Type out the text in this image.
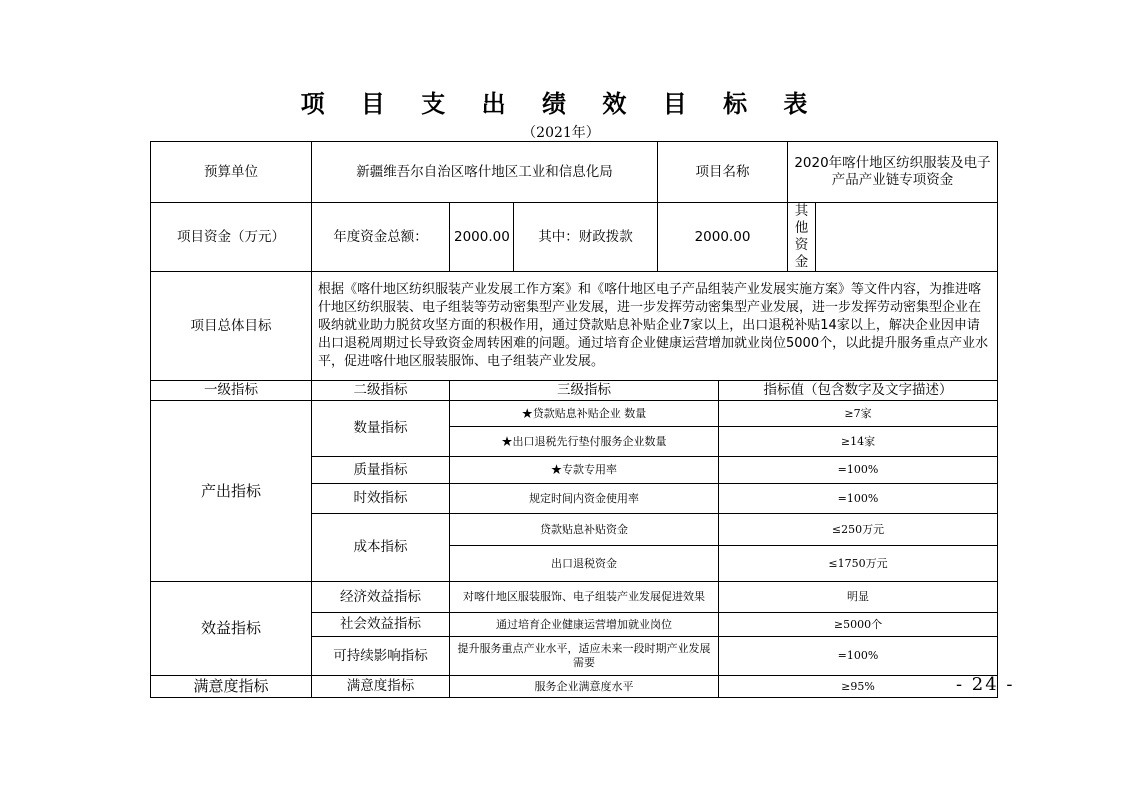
项 目 支 出 绩 效 目 标 表
（2021年）
预算单位	新疆维吾尔自治区喀什地区工业和信息化局			项目名称		2020年喀什地区纺织服装及电子产品产业链专项资金	
项目资金（万元）	年度资金总额：	2000.00	其中：财政拨款	2000.00		其他资金	
项目总体目标	根据《喀什地区纺织服装产业发展工作方案》和《喀什地区电子产品组装产业发展实施方案》等文件内容，为推进喀什地区纺织服装、电子组装等劳动密集型产业发展，进一步发挥劳动密集型产业发展，进一步发挥劳动密集型企业在吸纳就业助力脱贫攻坚方面的积极作用，通过贷款贴息补贴企业7家以上，出口退税补贴14家以上，解决企业因申请出口退税周期过长导致资金周转困难的问题。通过培育企业健康运营增加就业岗位5000个，以此提升服务重点产业水平，促进喀什地区服装服饰、电子组装产业发展。						
一级指标	二级指标	三级指标			指标值（包含数字及文字描述）		
产出指标	数量指标	★贷款贴息补贴企业 数量			≥7家		
		★出口退税先行垫付服务企业数量			≥14家		
	质量指标	★专款专用率			=100%		
	时效指标	规定时间内资金使用率			=100%		
	成本指标	贷款贴息补贴资金			≤250万元		
		出口退税资金			≤1750万元		
效益指标	经济效益指标	对喀什地区服装服饰、电子组装产业发展促进效果			明显		
	社会效益指标	通过培育企业健康运营增加就业岗位			≥5000个		
	可持续影响指标	提升服务重点产业水平，适应未来一段时期产业发展需要			=100%		
满意度指标	满意度指标	服务企业满意度水平			≥95%			- 24 -
